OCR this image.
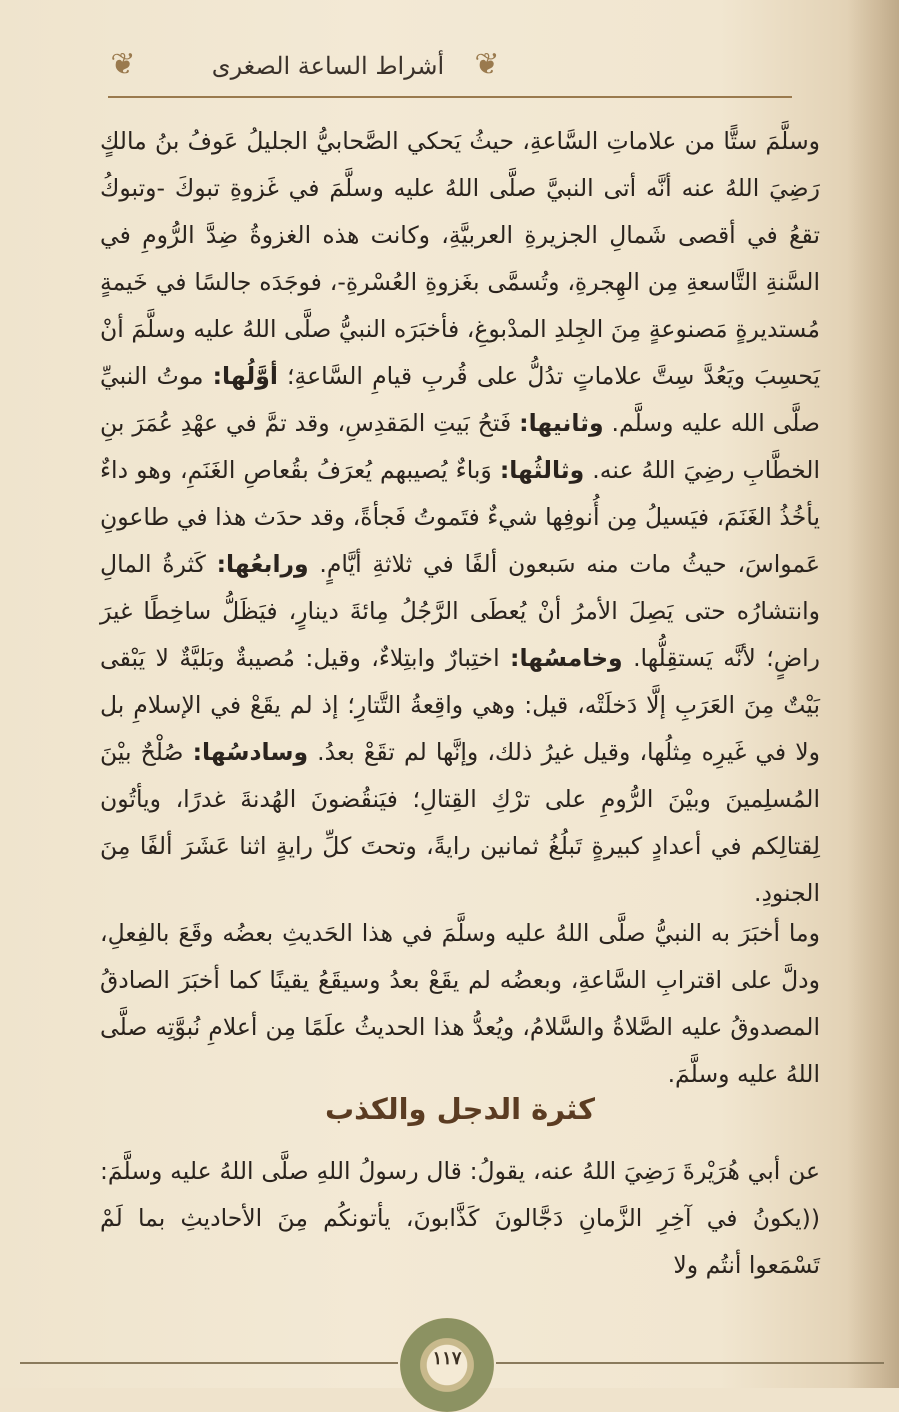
❦	أشراط الساعة الصغرى	❦
وسلَّمَ ستًّا من علاماتِ السَّاعةِ، حيثُ يَحكي الصَّحابيُّ الجليلُ عَوفُ بنُ مالكٍ رَضِيَ اللهُ عنه أنَّه أتى النبيَّ صلَّى اللهُ عليه وسلَّمَ في غَزوةِ تبوكَ -وتبوكُ تقعُ في أقصى شَمالِ الجزيرةِ العربيَّةِ، وكانت هذه الغزوةُ ضِدَّ الرُّومِ في السَّنةِ التَّاسعةِ مِن الهِجرةِ، وتُسمَّى بغَزوةِ العُسْرةِ-، فوجَدَه جالسًا في خَيمةٍ مُستديرةٍ مَصنوعةٍ مِنَ الجِلدِ المدْبوغِ، فأخبَرَه النبيُّ صلَّى اللهُ عليه وسلَّمَ أنْ يَحسِبَ ويَعُدَّ سِتَّ علاماتٍ تدُلُّ على قُربِ قيامِ السَّاعةِ؛ أوَّلُها: موتُ النبيِّ صلَّى الله عليه وسلَّم. وثانيها: فَتحُ بَيتِ المَقدِسِ، وقد تمَّ في عهْدِ عُمَرَ بنِ الخطَّابِ رضِيَ اللهُ عنه. وثالثُها: وَباءٌ يُصيبهم يُعرَفُ بقُعاصِ الغَنَمِ، وهو داءٌ يأخُذُ الغَنَمَ، فيَسيلُ مِن أُنوفِها شيءٌ فتَموتُ فَجأةً، وقد حدَث هذا في طاعونِ عَمواسَ، حيثُ مات منه سَبعون ألفًا في ثلاثةِ أيَّامٍ. ورابعُها: كَثرةُ المالِ وانتشارُه حتى يَصِلَ الأمرُ أنْ يُعطَى الرَّجُلُ مِائةَ دينارٍ، فيَظَلُّ ساخِطًا غيرَ راضٍ؛ لأنَّه يَستقِلُّها. وخامسُها: اختِبارٌ وابتِلاءٌ، وقيل: مُصيبةٌ وبَليَّةٌ لا يَبْقى بَيْتٌ مِنَ العَرَبِ إلَّا دَخلَتْه، قيل: وهي واقِعةُ التَّتارِ؛ إذ لم يقَعْ في الإسلامِ بل ولا في غَيرِه مِثلُها، وقيل غيرُ ذلك، وإنَّها لم تقَعْ بعدُ. وسادسُها: صُلْحٌ بيْنَ المُسلِمينَ وبيْنَ الرُّومِ على ترْكِ القِتالِ؛ فيَنقُضونَ الهُدنةَ غدرًا، ويأتُون لِقتالِكم في أعدادٍ كبيرةٍ تَبلُغُ ثمانين رايةً، وتحتَ كلِّ رايةٍ اثنا عَشَرَ ألفًا مِنَ الجنودِ.
وما أخبَرَ به النبيُّ صلَّى اللهُ عليه وسلَّمَ في هذا الحَديثِ بعضُه وقَعَ بالفِعلِ، ودلَّ على اقترابِ السَّاعةِ، وبعضُه لم يقَعْ بعدُ وسيقَعُ يقينًا كما أخبَرَ الصادقُ المصدوقُ عليه الصَّلاةُ والسَّلامُ، ويُعدُّ هذا الحديثُ علَمًا مِن أعلامِ نُبوَّتِه صلَّى اللهُ عليه وسلَّمَ.
كثرة الدجل والكذب
عن أبي هُرَيْرةَ رَضِيَ اللهُ عنه، يقولُ: قال رسولُ اللهِ صلَّى اللهُ عليه وسلَّمَ: ((يكونُ في آخِرِ الزَّمانِ دَجَّالونَ كَذَّابونَ، يأتونكُم مِنَ الأحاديثِ بما لَمْ تَسْمَعوا أنتُم ولا
١١٧
